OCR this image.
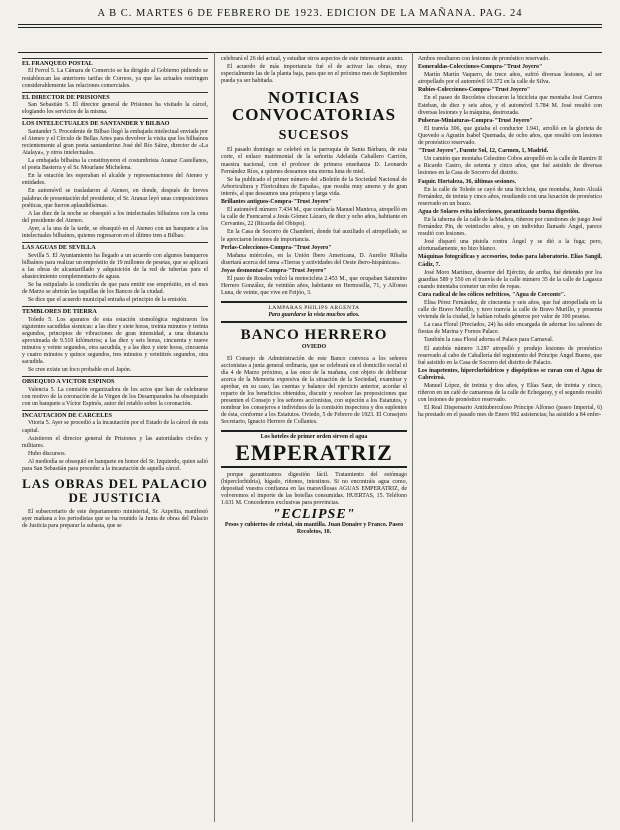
A B C. MARTES 6 DE FEBRERO DE 1923. EDICION DE LA MAÑANA. PAG. 24
EL FRANQUEO POSTAL

El Ferrol 5. La Cámara de Comercio se ha dirigido al Gobierno pidiendo se restablezcan las anteriores tarifas de Correos, ya que las actuales restringen considerablemente las relaciones comerciales.

EL DIRECTOR DE PRISIONES

San Sebastián 5. El director general de Prisiones ha visitado la cárcel, elogiando los servicios de la misma.

LOS INTELECTUALES DE SANTANDER Y BILBAO

Santander 5. Procedente de Bilbao llegó la embajada intelectual enviada por el Ateneo y el Círculo de Bellas Artes para devolver la visita que los bilbaínos recientemente al gran poeta santanderino José del Río Sáinz, director de «La Atalaya», y otros intelectuales.

La embajada bilbaína la constituyeron el costumbrista Aranaz Castellanos, el poeta Basterra y el Sr. Mourlane Michelena.

En la estación les esperaban el alcalde y representaciones del Ateneo y entidades.

En automóvil se trasladaron al Ateneo, en donde, después de breves palabras de presentación del presidente, el Sr. Aranaz leyó unas composiciones poéticas, que fueron aplaudidísimas.

A las diez de la noche se obsequió a los intelectuales bilbaínos con la cena del presidente del Ateneo.

Ayer, a la una de la tarde, se obsequió en el Ateneo con un banquete a los intelectuales bilbaínos, quienes regresaron en el último tren a Bilbao.

LAS AGUAS DE SEVILLA

Sevilla 5. El Ayuntamiento ha llegado a un acuerdo con algunos banqueros bilbaínos para realizar un empréstito de 19 millones de pesetas, que se aplicará a las obras de alcantarillado y adquisición de la red de tuberías para el abastecimiento complementario de aguas.

Se ha estipulado la condición de que para emitir ese empréstito, en el mes de Marzo se abrirán las taquillas de los Bancos de la ciudad.

Se dice que el acuerdo municipal entraña el principio de la emisión.

TEMBLORES DE TIERRA

Toledo 5. Los aparatos de esta estación sismológica registraron los siguientes sacudidas sísmicas: a las diez y siete horas, treinta minutos y treinta segundos, principios de vibraciones de gran intensidad, a una distancia aproximada de 9.510 kilómetros; a las diez y seis horas, cincuenta y nueve minutos y veinte segundos, otra sacudida, y a las diez y siete horas, cincuenta y cuatro minutos y quince segundos, tres minutos y veintitrés segundos, otra sacudida.

Se cree existe un foco probable en el Japón.

OBSEQUIO A VICTOR ESPINOS

Valencia 5. La comisión organizadora de los actos que han de celebrarse con motivo de la coronación de la Virgen de los Desamparados ha obsequiado con un banquete a Víctor Espinós, autor del retablo sobre la coronación.

INCAUTACION DE CARCELES

Vitoria 5. Ayer se procedió a la incautación por el Estado de la cárcel de esta capital.

Asistieron el director general de Prisiones y las autoridades civiles y militares.

Hubo discursos.

Al mediodía se obsequió en banquete en honor del Sr. Izquierdo, quien salió para San Sebastián para proceder a la incautación de aquella cárcel.

LAS OBRAS DEL PALACIO DE JUSTICIA

El subsecretario de este departamento ministerial, Sr. Azpeitia, manifestó ayer mañana a los periodistas que se ha reunido la Junta de obras del Palacio de Justicia para preparar la subasta, que se

celebrará el 26 del actual, y estudiar otros aspectos de este interesante asunto.

El acuerdo de más importancia fué el de activar las obras, muy especialmente las de la planta baja, para que en el próximo mes de Septiembre pueda ya ser habitada.

NOTICIAS CONVOCATORIAS
SUCESOS

El pasado domingo se celebró en la parroquia de Santa Bárbara, de esta corte, el enlace matrimonial de la señorita Adelaida Caballero Carrión, maestra nacional, con el profesor de primera enseñanza D. Leonardo Fernández Ríos, a quienes deseamos una eterna luna de miel.

Se ha publicado el primer número del «Boletín de la Sociedad Nacional de Arboricultura y Floricultura de España», que resulta muy ameno y de gran interés, al que deseamos una próspera y larga vida.

Brillantes antiguos-Compra-"Trust Joyero"

El automóvil número 7.434 M., que conducía Manuel Manteca, atropelló en la calle de Fuencarral a Jesús Gómez Lázaro, de diez y ocho años, habitante en Cervantes, 22 (Ricarda del Obispo).

En la Casa de Socorro de Chamberí, donde fué auxiliado el atropellado, se le apreciaron lesiones de importancia.

Perlas-Colecciones-Compra-"Trust Joyero"

Mañana miércoles, en la Unión Ibero Americana, D. Aurelio Ribalta disertará acerca del tema «Tierras y actividades del Oeste ibero-hispánicas».

Joyas desmontar-Compra-"Trust Joyero"

El paso de Rosales volcó la motocicleta 2.453 M., que ocupaban Saturnino Herrero González, de veintiún años, habitante en Hermosilla, 71, y Alfonso Luna, de veinte, que vive en Feijóo, 3.

LAMPARAS PHILIPS ARGENTA
Para guardarse la vista muchos años.
BANCO HERRERO
OVIEDO

El Consejo de Administración de este Banco convoca a los señores accionistas a junta general ordinaria, que se celebrará en el domicilio social el día 4 de Marzo próximo, a las once de la mañana, con objeto de deliberar acerca de la Memoria expresiva de la situación de la Sociedad, examinar y aprobar, en su caso, las cuentas y balance del ejercicio anterior, acordar el reparto de los beneficios obtenidos, discutir y resolver las proposiciones que presenten el Consejo y los señores accionistas, con sujeción a los Estatutos, y nombrar los consejeros e individuos de la comisión inspectora y dos suplentes de ésta, conforme a los Estatutos. Oviedo, 5 de Febrero de 1923. El Consejero Secretario, Ignacio Herrero de Collantes.

Los hoteles de primer orden sirven el agua
EMPERATRIZ

porque garantizamos digestión fácil. Tratamiento del estómago (hiperclorhidria), hígado, riñones, intestinos. Si no encontráis agua como, depositad vuestra confianza en las maravillosas AGUAS EMPERATRIZ, de volveremos el importe de las botellas consumidas. HUERTAS, 15. Teléfono 1.631 M. Concedemos exclusivas para provincias.

"ECLIPSE"

Pesos y cubiertos de cristal, sin mantilla. Juan Donaire y Franco. Paseo Recoletos, 10.

Ambos resultaron con lesiones de pronóstico reservado.

Esmeraldas-Colecciones-Compra-"Trust Joyero"

Martín Martín Vaquero, de trece años, sufrió diversas lesiones, al ser atropellado por el automóvil 10.372 en la calle de Silva.

Rubíes-Colecciones-Compra-"Trust Joyero"

En el paseo de Recoletos chocaron la bicicleta que montaba José Carrera Esteban, de diez y seis años, y el automóvil 5.784 M. José resultó con diversas lesiones y la máquina, destrozada.

Pulseras-Miniaturas-Compra-"Trust Joyero"

El tranvía 306, que guiaba el conductor 1.941, arrolló en la glorieta de Quevedo a Agustín Isabel Quemada, de ocho años, que resultó con lesiones de pronóstico reservado.

"Trust Joyero", Fuente Sol, 12, Carmen, 1, Madrid.

Un camión que montaba Celestino Cobos atropelló en la calle de Ramiro II a Ricardo Castro, de setenta y cinco años, que fué asistido de diversas lesiones en la Casa de Socorro del distrito.

Faquir. Hortaleza, 36, últimas sesiones.

En la calle de Toledo se cayó de una bicicleta, que montaba, Justo Alcalá Fernández, de treinta y cinco años, resultando con una luxación de pronóstico reservado en un brazo.

Agua de Solares evita infecciones, garantizando buena digestión.

En la taberna de la calle de la Madera, riñeron por cuestiones de juego José Fernández Pin, de veintiocho años, y un individuo llamado Ángel, parece resultó con lesiones.

José disparó una pistola contra Ángel y se dió a la fuga; pero, afortunadamente, no hizo blanco.

Máquinas fotográficas y accesorios, todas para laboratorio. Elías Sangil, Cádiz, 7.

José Moro Martínez, desertor del Ejército, de arriba, fué detenido por los guardias 589 y 550 en el tranvía de la calle número 35 de la calle de Lagasca cuando intentaba cometer un robo de ropas.

Cura radical de los cólicos nefríticos, "Agua de Corconte".

Elisa Pérez Fernández, de cincuenta y seis años, que fué atropellada en la calle de Bravo Murillo, y tuvo tranvía la calle de Bravo Murillo, y presenta vivienda de la ciudad, le habían robado géneros por valor de 100 pesetas.

La casa Floral (Preciados, 24) ha sido encargada de adornar los salones de fiestas de Marina y Fornos Palace.

También la casa Floral adorna el Palace para Carnaval.

El autobús número 3.287 atropelló y produjo lesiones de pronóstico reservado al cabo de Caballería del regimiento del Príncipe Ángel Bueno, que fué asistido en la Casa de Socorro del distrito de Palacio.

Los inapetentes, hiperclorhídricos y dispépticos se curan con el Agua de Cabreiroá.

Manuel López, de treinta y dos años, y Elías Saur, de treinta y cinco, riñeron en un café de camareras de la calle de Echegaray, y el segundo resultó con lesiones de pronóstico reservado.

El Real Dispensario Antituberculoso Príncipe Alfonso (paseo Imperial, 6) ha prestado en el pasado mes de Enero 992 asistencias; ha asistido a 84 enfer-
